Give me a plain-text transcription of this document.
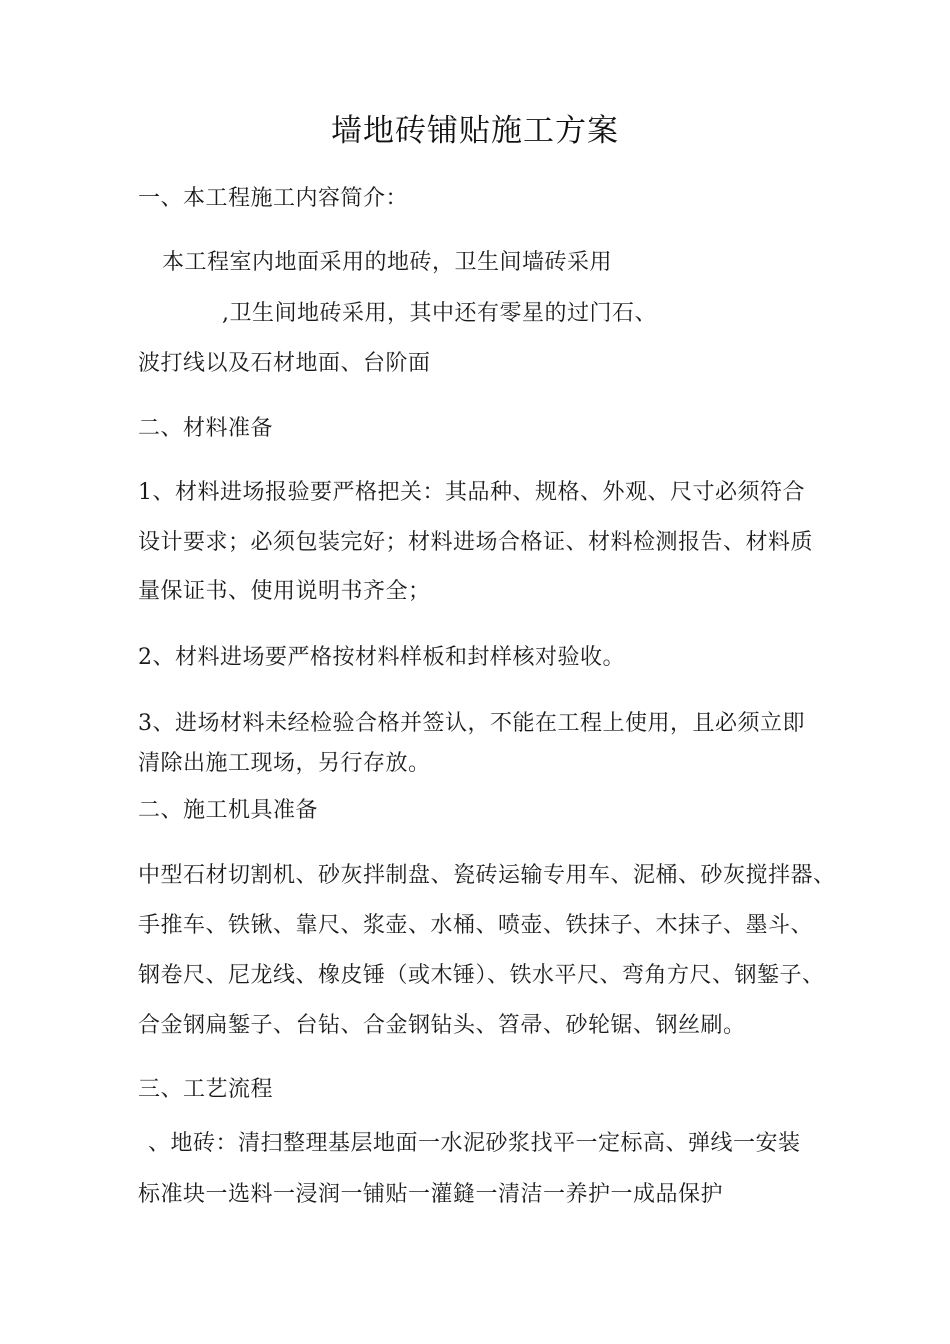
墙地砖铺贴施工方案
一、本工程施工内容简介：
本工程室内地面采用的地砖，卫生间墙砖采用
,卫生间地砖采用，其中还有零星的过门石、
波打线以及石材地面、台阶面
二、材料准备
1、材料进场报验要严格把关：其品种、规格、外观、尺寸必须符合
设计要求；必须包装完好；材料进场合格证、材料检测报告、材料质
量保证书、使用说明书齐全；
2、材料进场要严格按材料样板和封样核对验收。
3、进场材料未经检验合格并签认，不能在工程上使用，且必须立即
清除出施工现场，另行存放。
二、施工机具准备
中型石材切割机、砂灰拌制盘、瓷砖运输专用车、泥桶、砂灰搅拌器、
手推车、铁锹、靠尺、浆壶、水桶、喷壶、铁抹子、木抹子、墨斗、
钢卷尺、尼龙线、橡皮锤（或木锤）、铁水平尺、弯角方尺、钢錾子、
合金钢扁錾子、台钻、合金钢钻头、笤帚、砂轮锯、钢丝刷。
三、工艺流程
、地砖：清扫整理基层地面一水泥砂浆找平一定标高、弹线一安装
标准块一选料一浸润一铺贴一灌鏠一清洁一养护一成品保护
